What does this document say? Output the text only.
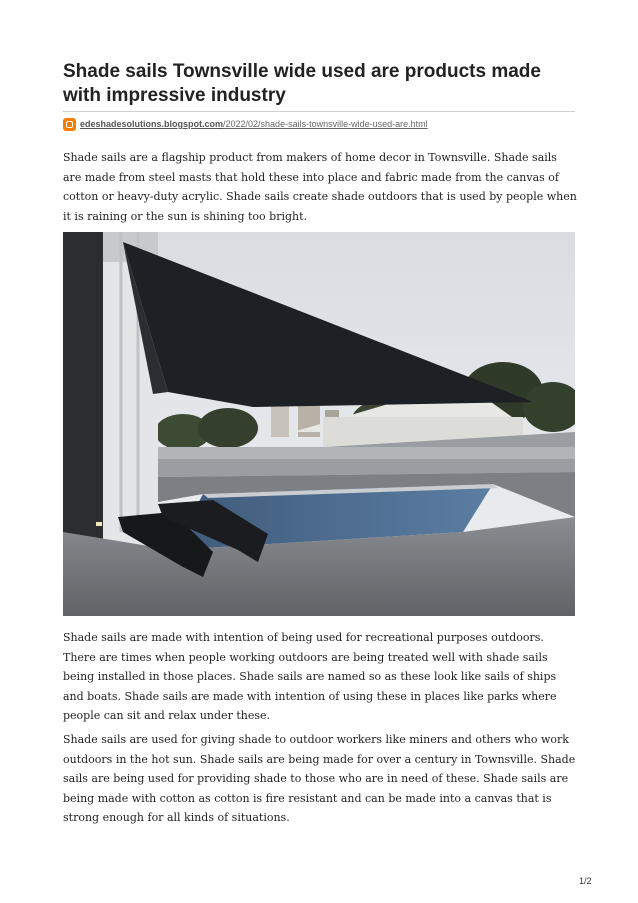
Shade sails Townsville wide used are products made with impressive industry
edeshadesolutions.blogspot.com /2022/02/shade-sails-townsville-wide-used-are.html

Shade sails are a flagship product from makers of home decor in Townsville. Shade sails are made from steel masts that hold these into place and fabric made from the canvas of cotton or heavy-duty acrylic. Shade sails create shade outdoors that is used by people when it is raining or the sun is shining too bright.

Shade sails are made with intention of being used for recreational purposes outdoors. There are times when people working outdoors are being treated well with shade sails being installed in those places. Shade sails are named so as these look like sails of ships and boats. Shade sails are made with intention of using these in places like parks where people can sit and relax under these.

Shade sails are used for giving shade to outdoor workers like miners and others who work outdoors in the hot sun. Shade sails are being made for over a century in Townsville. Shade sails are being used for providing shade to those who are in need of these. Shade sails are being made with cotton as cotton is fire resistant and can be made into a canvas that is strong enough for all kinds of situations.

1/2
